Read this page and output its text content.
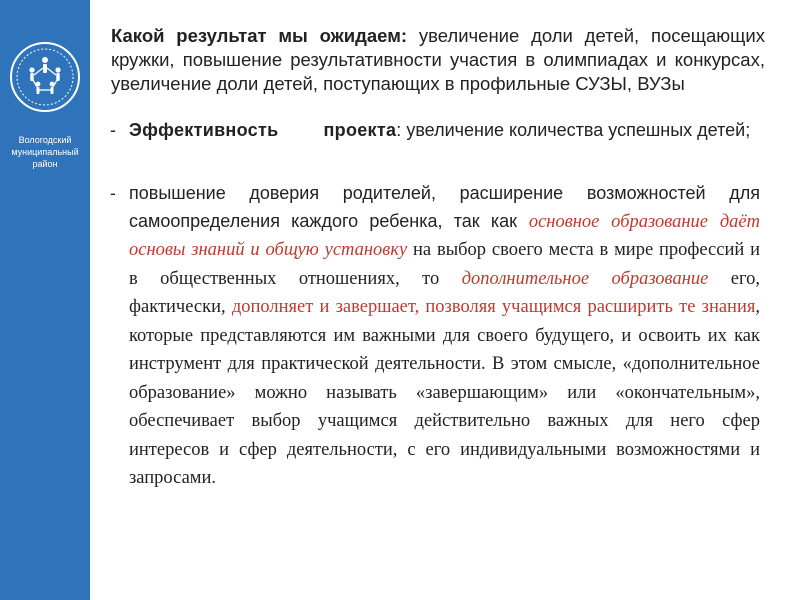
Вологодский
муниципальный
район

Какой результат мы ожидаем: увеличение доли детей, посещающих кружки, повышение результативности участия в олимпиадах и конкурсах, увеличение доли детей, поступающих в профильные СУЗЫ, ВУЗы

- Эффективность	проекта: увеличение количества успешных детей;

- повышение доверия родителей, расширение возможностей для самоопределения каждого ребенка, так как основное образование даёт основы знаний и общую установку на выбор своего места в мире профессий и в общественных отношениях, то дополнительное образование его, фактически, дополняет и завершает, позволяя учащимся расширить те знания, которые представляются им важными для своего будущего, и освоить их как инструмент для практической деятельности. В этом смысле, «дополнительное образование» можно называть «завершающим» или «окончательным», обеспечивает выбор учащимся действительно важных для него сфер интересов и сфер деятельности, с его индивидуальными возможностями и запросами.
